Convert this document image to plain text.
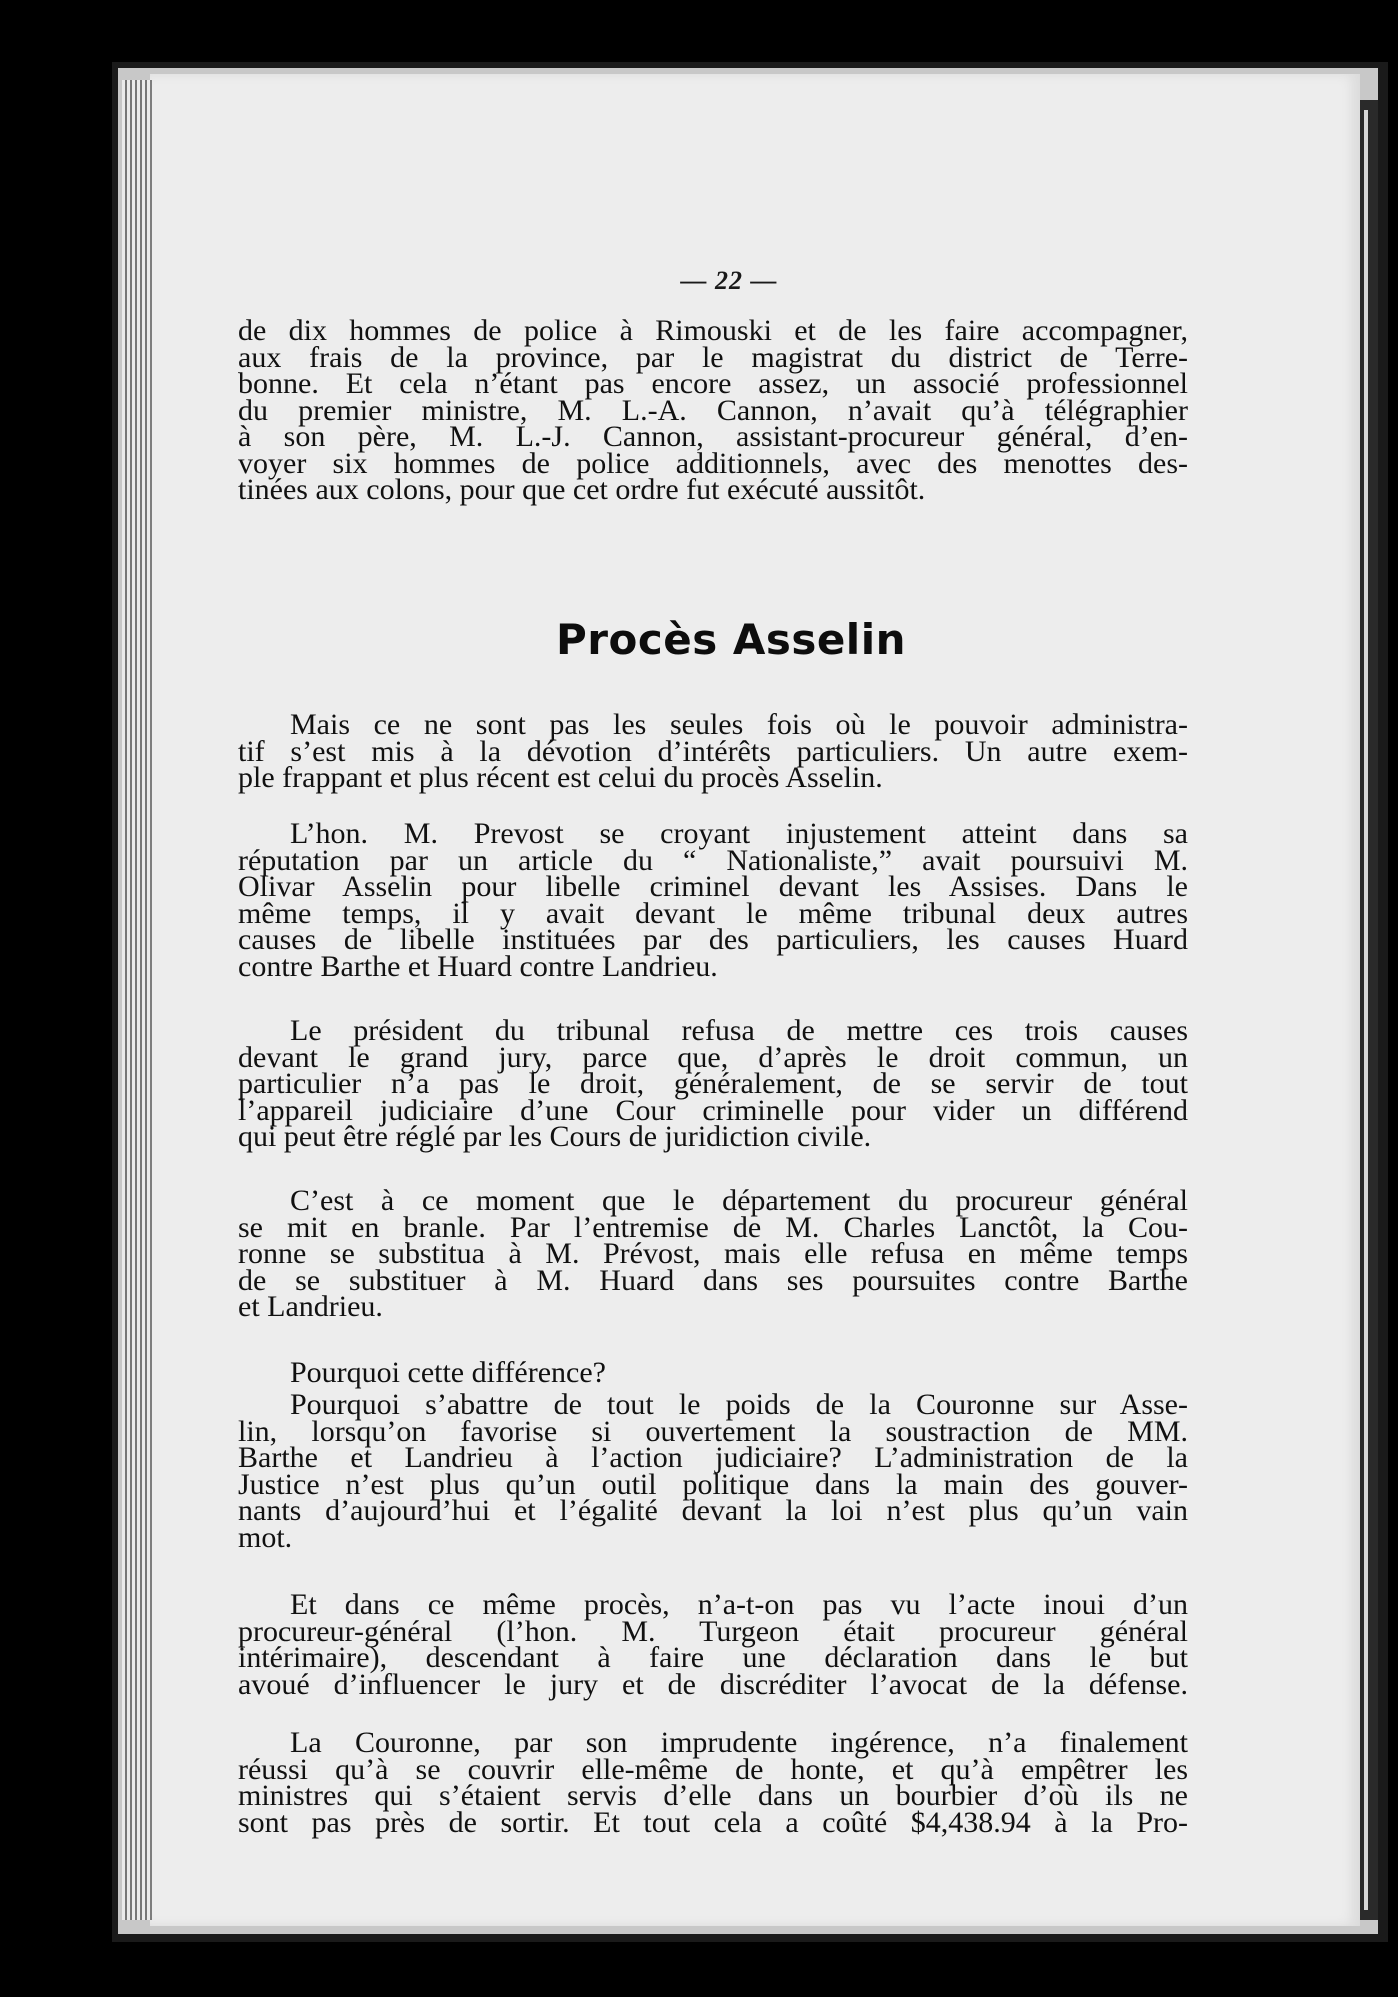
— 22 —
de dix hommes de police à Rimouski et de les faire accompagner,
aux frais de la province, par le magistrat du district de Terre-
bonne. Et cela n’étant pas encore assez, un associé professionnel
du premier ministre, M. L.-A. Cannon, n’avait qu’à télégraphier
à son père, M. L.-J. Cannon, assistant-procureur général, d’en-
voyer six hommes de police additionnels, avec des menottes des-
tinées aux colons, pour que cet ordre fut exécuté aussitôt.
Procès Asselin
Mais ce ne sont pas les seules fois où le pouvoir administra-
tif s’est mis à la dévotion d’intérêts particuliers. Un autre exem-
ple frappant et plus récent est celui du procès Asselin.
L’hon. M. Prevost se croyant injustement atteint dans sa
réputation par un article du “ Nationaliste,” avait poursuivi M.
Olivar Asselin pour libelle criminel devant les Assises. Dans le
même temps, il y avait devant le même tribunal deux autres
causes de libelle instituées par des particuliers, les causes Huard
contre Barthe et Huard contre Landrieu.
Le président du tribunal refusa de mettre ces trois causes
devant le grand jury, parce que, d’après le droit commun, un
particulier n’a pas le droit, généralement, de se servir de tout
l’appareil judiciaire d’une Cour criminelle pour vider un différend
qui peut être réglé par les Cours de juridiction civile.
C’est à ce moment que le département du procureur général
se mit en branle. Par l’entremise de M. Charles Lanctôt, la Cou-
ronne se substitua à M. Prévost, mais elle refusa en même temps
de se substituer à M. Huard dans ses poursuites contre Barthe
et Landrieu.
Pourquoi cette différence?
Pourquoi s’abattre de tout le poids de la Couronne sur Asse-
lin, lorsqu’on favorise si ouvertement la soustraction de MM.
Barthe et Landrieu à l’action judiciaire? L’administration de la
Justice n’est plus qu’un outil politique dans la main des gouver-
nants d’aujourd’hui et l’égalité devant la loi n’est plus qu’un vain
mot.
Et dans ce même procès, n’a-t-on pas vu l’acte inoui d’un
procureur-général (l’hon. M. Turgeon était procureur général
intérimaire), descendant à faire une déclaration dans le but
avoué d’influencer le jury et de discréditer l’avocat de la défense.
La Couronne, par son imprudente ingérence, n’a finalement
réussi qu’à se couvrir elle-même de honte, et qu’à empêtrer les
ministres qui s’étaient servis d’elle dans un bourbier d’où ils ne
sont pas près de sortir. Et tout cela a coûté $4,438.94 à la Pro-
